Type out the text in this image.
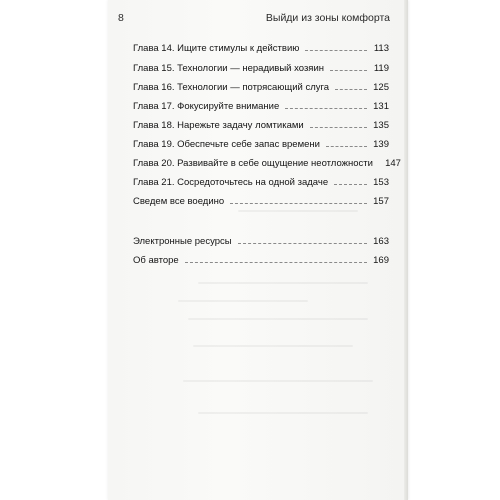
8	Выйди из зоны комфорта
Глава 14. Ищите стимулы к действию	113
Глава 15. Технологии — нерадивый хозяин	119
Глава 16. Технологии — потрясающий слуга	125
Глава 17. Фокусируйте внимание	131
Глава 18. Нарежьте задачу ломтиками	135
Глава 19. Обеспечьте себе запас времени	139
Глава 20. Развивайте в себе ощущение неотложности 147
Глава 21. Сосредоточьтесь на одной задаче	153
Сведем все воедино	157
Электронные ресурсы	163
Об авторе	169
